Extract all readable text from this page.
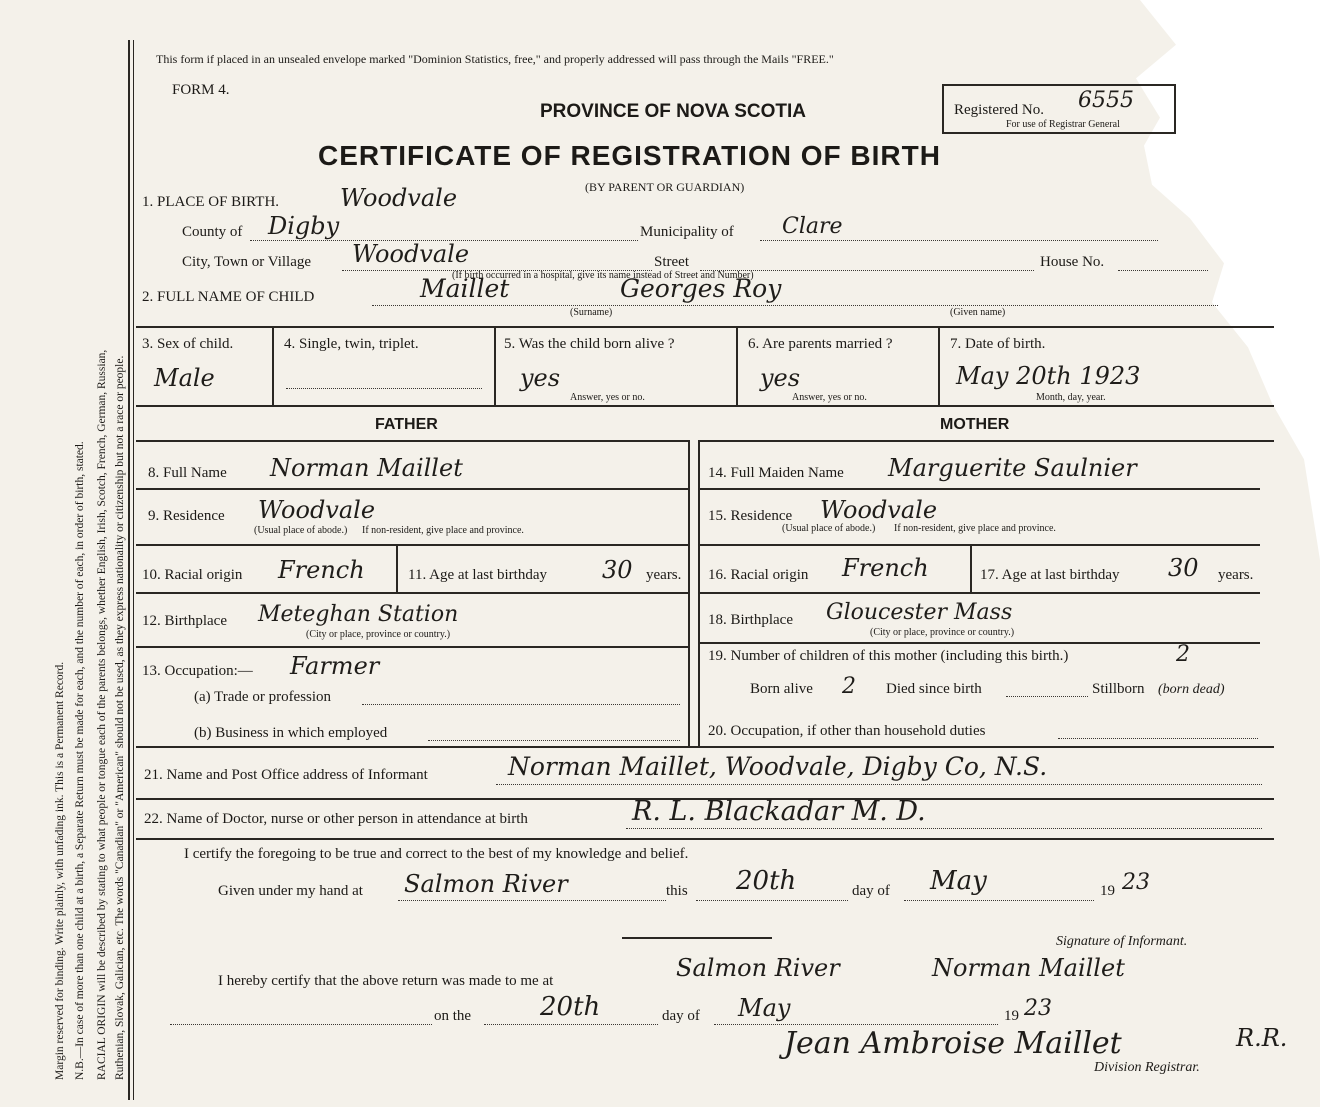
Margin reserved for binding. Write plainly, with unfading ink. This is a Permanent Record. N.B.—In case of more than one child at a birth, a Separate Return must be made for each, and the number of each, in order of birth, stated. RACIAL ORIGIN will be described by stating to what people or tongue each of the parents belongs, whether English, Irish, Scotch, French, German, Russian, Ruthenian, Slovak, Galician, etc. The words "Canadian" or "American" should not be used, as they express nationality or citizenship but not a race or people.
This form if placed in an unsealed envelope marked "Dominion Statistics, free," and properly addressed will pass through the Mails "FREE."
FORM 4.
PROVINCE OF NOVA SCOTIA	Registered No. 6555
For use of Registrar General
CERTIFICATE OF REGISTRATION OF BIRTH
(BY PARENT OR GUARDIAN)
1. PLACE OF BIRTH.	Woodvale
County of Digby	Municipality of Clare
City, Town or Village Woodvale	Street	House No.
(If birth occurred in a hospital, give its name instead of Street and Number)
2. FULL NAME OF CHILD	Maillet	Georges Roy
(Surname)	(Given name)
3. Sex of child.
Male
4. Single, twin, triplet.	5. Was the child born alive ?
yes
Answer, yes or no.
6. Are parents married ?
yes
Answer, yes or no.
7. Date of birth.
May 20th 1923
Month, day, year.
FATHER	MOTHER
8. Full Name Norman Maillet
9. Residence Woodvale
(Usual place of abode.) If non-resident, give place and province.
10. Racial origin French	11. Age at last birthday 30 years.
12. Birthplace Meteghan Station
(City or place, province or country.)
13. Occupation:— Farmer
(a) Trade or profession
(b) Business in which employed
14. Full Maiden Name Marguerite Saulnier
15. Residence Woodvale
(Usual place of abode.) If non-resident, give place and province.
16. Racial origin French	17. Age at last birthday 30 years.
18. Birthplace Gloucester Mass
(City or place, province or country.)
19. Number of children of this mother (including this birth.)	2
Born alive 2 Died since birth	Stillborn (born dead)
20. Occupation, if other than household duties
21. Name and Post Office address of Informant	Norman Maillet, Woodvale, Digby Co, N.S.
22. Name of Doctor, nurse or other person in attendance at birth	R. L. Blackadar M. D.
I certify the foregoing to be true and correct to the best of my knowledge and belief.
Given under my hand at Salmon River	this 20th	day of May	19 23
Signature of Informant.
I hereby certify that the above return was made to me at	Salmon River	Norman Maillet
on the	20th	day of May	19 23
Jean Ambroise Maillet	R.R.
Division Registrar.
